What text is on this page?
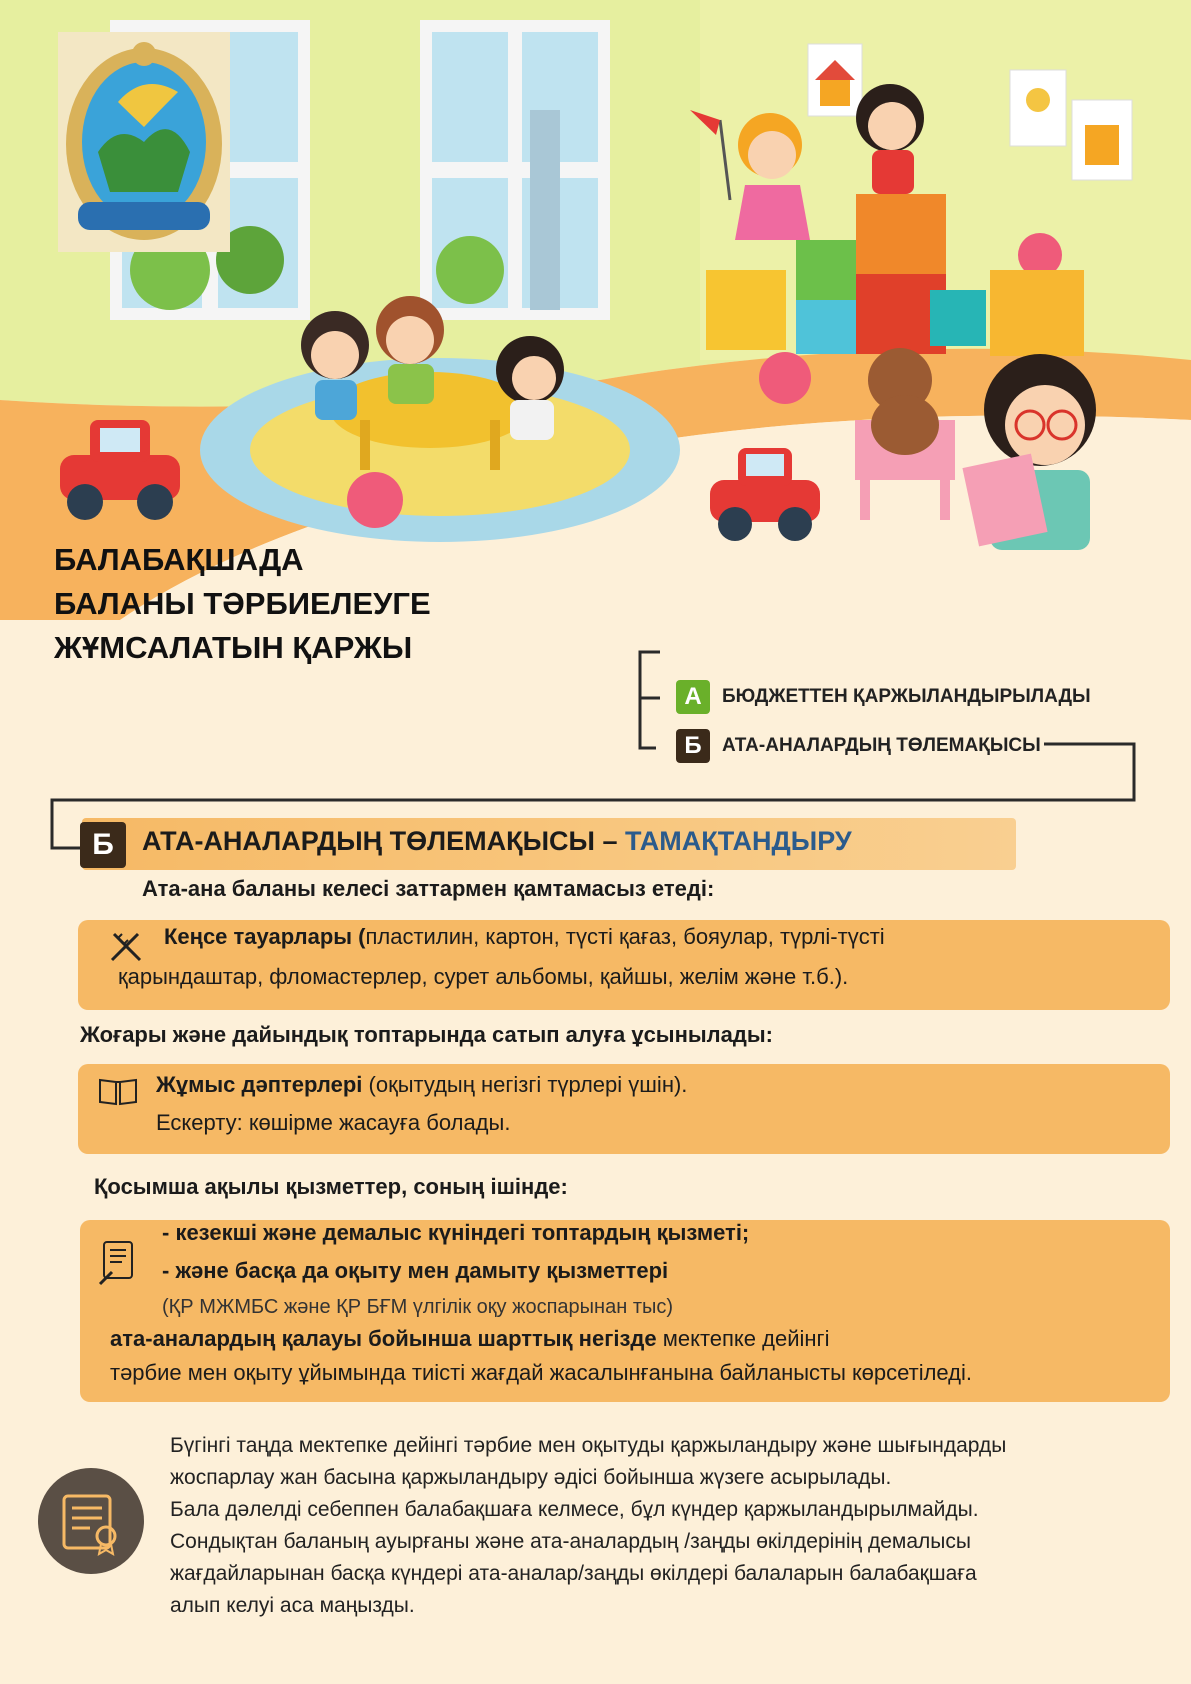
БАЛАБАҚШАДА
БАЛАНЫ ТӘРБИЕЛЕУГЕ
ЖҰМСАЛАТЫН ҚАРЖЫ
А	БЮДЖЕТТЕН ҚАРЖЫЛАНДЫРЫЛАДЫ
Б	АТА-АНАЛАРДЫҢ ТӨЛЕМАҚЫСЫ
Б	АТА-АНАЛАРДЫҢ ТӨЛЕМАҚЫСЫ – ТАМАҚТАНДЫРУ
Ата-ана баланы келесі заттармен қамтамасыз етеді:
Кеңсе тауарлары (пластилин, картон, түсті қағаз, бояулар, түрлі-түсті
қарындаштар, фломастерлер, сурет альбомы, қайшы, желім және т.б.).
Жоғары және дайындық топтарында сатып алуға ұсынылады:
Жұмыс дәптерлері (оқытудың негізгі түрлері үшін).
Ескерту: көшірме жасауға болады.
Қосымша ақылы қызметтер, соның ішінде:
- кезекші және демалыс күніндегі топтардың қызметі;
- және басқа да оқыту мен дамыту қызметтері
(ҚР МЖМБС және ҚР БҒМ үлгілік оқу жоспарынан тыс)
ата-аналардың қалауы бойынша шарттық негізде мектепке дейінгі
тәрбие мен оқыту ұйымында тиісті жағдай жасалынғанына байланысты көрсетіледі.
Бүгінгі таңда мектепке дейінгі тәрбие мен оқытуды қаржыландыру және шығындарды
жоспарлау жан басына қаржыландыру әдісі бойынша жүзеге асырылады.
Бала дәлелді себеппен балабақшаға келмесе, бұл күндер қаржыландырылмайды.
Сондықтан баланың ауырғаны және ата-аналардың /заңды өкілдерінің демалысы
жағдайларынан басқа күндері ата-аналар/заңды өкілдері балаларын балабақшаға
алып келуі аса маңызды.
